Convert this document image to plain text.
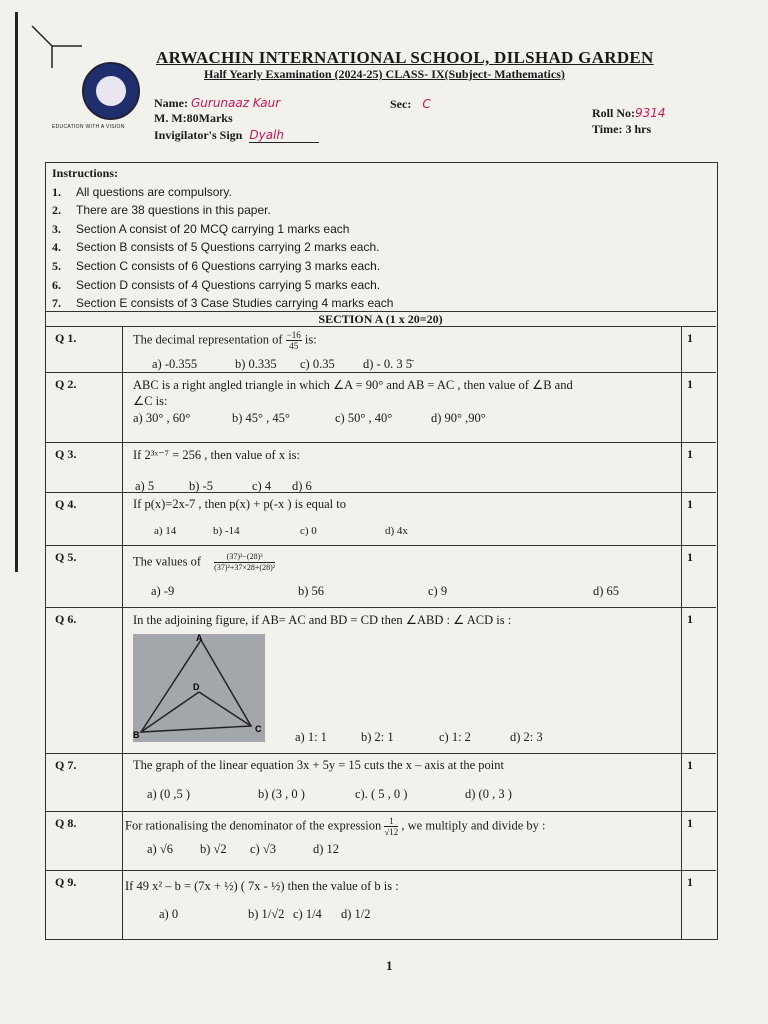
EDUCATION WITH A VISION
ARWACHIN INTERNATIONAL SCHOOL, DILSHAD GARDEN
Half Yearly Examination (2024-25) CLASS- IX(Subject- Mathematics)
Name: Gurunaaz Kaur	Sec: C
M. M:80Marks
Invigilator's Sign Dyalh
Roll No:9314
Time: 3 hrs
Instructions:
1. All questions are compulsory.
2. There are 38 questions in this paper.
3. Section A consist of 20 MCQ carrying 1 marks each
4. Section B consists of 5 Questions carrying 2 marks each.
5. Section C consists of 6 Questions carrying 3 marks each.
6. Section D consists of 4 Questions carrying 5 marks each.
7. Section E consists of 3 Case Studies carrying 4 marks each
SECTION A (1 x 20=20)
Q 1.	The decimal representation of $\frac{-16}{45}$ is:
a) -0.355	b) 0.335 c) 0.35 d) - 0. 3 5̄
1
Q 2.	ABC is a right angled triangle in which ∠A = 90° and AB = AC , then value of ∠B and
∠C is:
a) 30° , 60°	b) 45° , 45°	c) 50° , 40°	d) 90° ,90°
1
Q 3.	If 2³ˣ⁻⁷ = 256 , then value of x is:
a) 5	b) -5	c) 4 d) 6
1
Q 4.	If p(x)=2x-7 , then p(x) + p(-x ) is equal to
a) 14	b) -14	c) 0	d) 4x
1
Q 5.	The values of $\frac{\text{(37)³−(28)³}}{\text{(37)²+37×28+(28)²}}$
a) -9	b) 56	c) 9	d) 65
1
Q 6.	In the adjoining figure, if AB= AC and BD = CD then ∠ABD : ∠ ACD is :
A
D
B
C
a) 1: 1	b) 2: 1	c) 1: 2	d) 2: 3
1
Q 7.	The graph of the linear equation 3x + 5y = 15 cuts the x – axis at the point
a) (0 ,5 )	b) (3 , 0 )	c). ( 5 , 0 )	d) (0 , 3 )
1
Q 8.	For rationalising the denominator of the expression $\frac{1}{√12}$ , we multiply and divide by :
a) √6 b) √2 c) √3	d) 12
1
Q 9.	If 49 x² – b = (7x + ½) ( 7x - ½) then the value of b is :
a) 0	b) 1/√2 c) 1/4 d) 1/2
1
1
